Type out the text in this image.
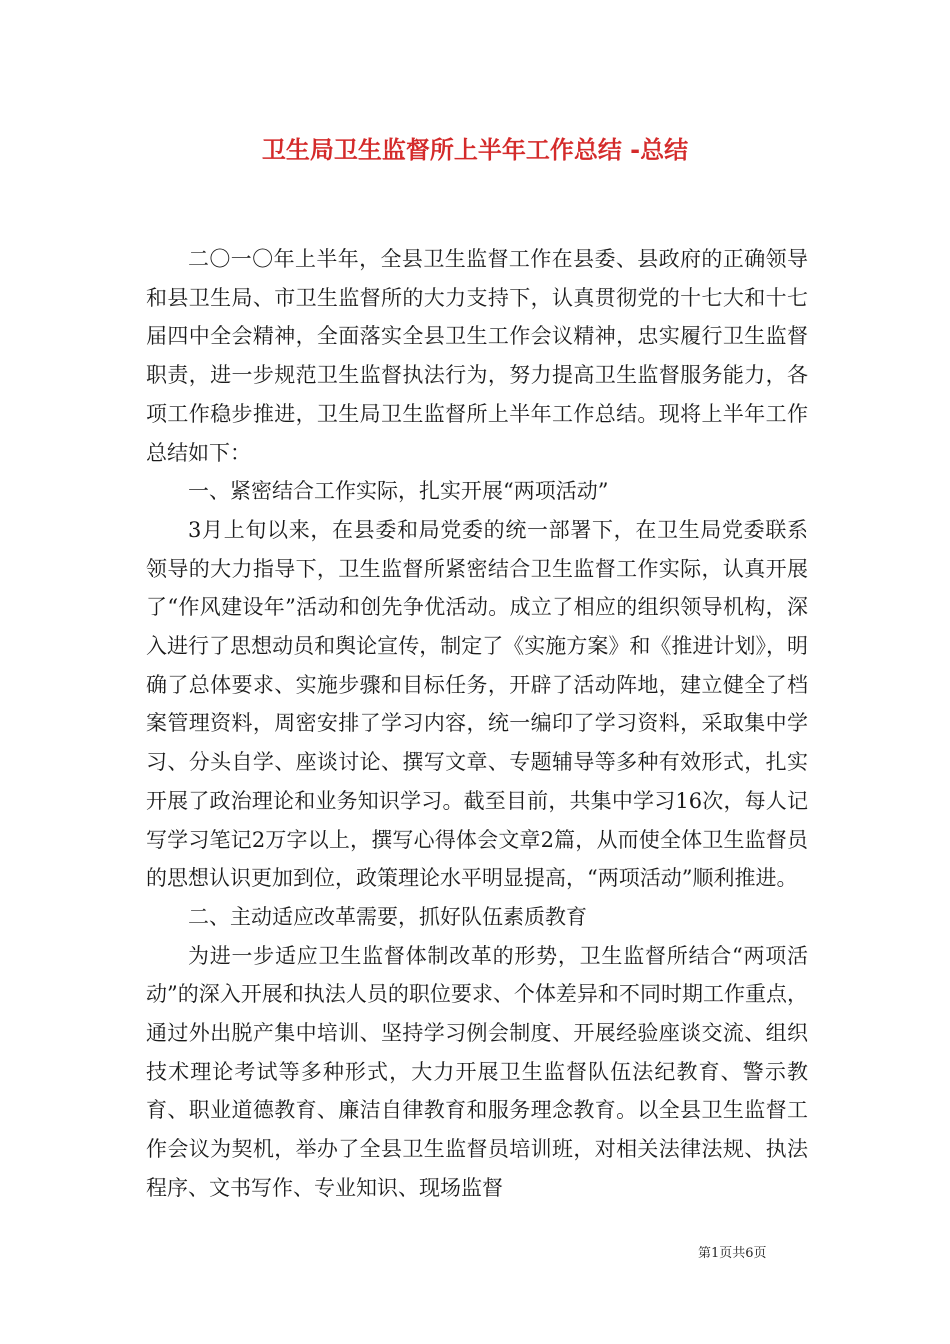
卫生局卫生监督所上半年工作总结 -总结

二〇一〇年上半年，全县卫生监督工作在县委、县政府的正确领导和县卫生局、市卫生监督所的大力支持下，认真贯彻党的十七大和十七届四中全会精神，全面落实全县卫生工作会议精神，忠实履行卫生监督职责，进一步规范卫生监督执法行为，努力提高卫生监督服务能力，各项工作稳步推进，卫生局卫生监督所上半年工作总结。现将上半年工作总结如下：

一、紧密结合工作实际，扎实开展“两项活动”

3月上旬以来，在县委和局党委的统一部署下，在卫生局党委联系领导的大力指导下，卫生监督所紧密结合卫生监督工作实际，认真开展了“作风建设年”活动和创先争优活动。成立了相应的组织领导机构，深入进行了思想动员和舆论宣传，制定了《实施方案》和《推进计划》，明确了总体要求、实施步骤和目标任务，开辟了活动阵地，建立健全了档案管理资料，周密安排了学习内容，统一编印了学习资料，采取集中学习、分头自学、座谈讨论、撰写文章、专题辅导等多种有效形式，扎实开展了政治理论和业务知识学习。截至目前，共集中学习16次，每人记写学习笔记2万字以上，撰写心得体会文章2篇，从而使全体卫生监督员的思想认识更加到位，政策理论水平明显提高，“两项活动”顺利推进。

二、主动适应改革需要，抓好队伍素质教育

为进一步适应卫生监督体制改革的形势，卫生监督所结合“两项活动”的深入开展和执法人员的职位要求、个体差异和不同时期工作重点，通过外出脱产集中培训、坚持学习例会制度、开展经验座谈交流、组织技术理论考试等多种形式，大力开展卫生监督队伍法纪教育、警示教育、职业道德教育、廉洁自律教育和服务理念教育。以全县卫生监督工作会议为契机，举办了全县卫生监督员培训班，对相关法律法规、执法程序、文书写作、专业知识、现场监督

第1页共6页
